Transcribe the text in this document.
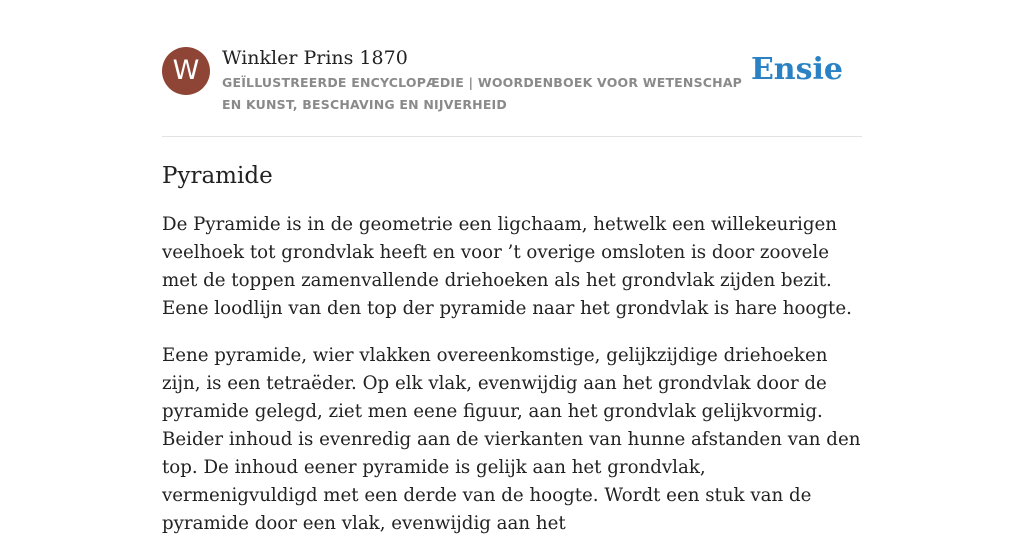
W	Winkler Prins 1870

GEÏLLUSTREERDE ENCYCLOPÆDIE | WOORDENBOEK VOOR WETENSCHAP EN KUNST, BESCHAVING EN NIJVERHEID

Ensie
Pyramide

De Pyramide is in de geometrie een ligchaam, hetwelk een willekeurigen veelhoek tot grondvlak heeft en voor ’t overige omsloten is door zoovele met de toppen zamenvallende driehoeken als het grondvlak zijden bezit. Eene loodlijn van den top der pyramide naar het grondvlak is hare hoogte.

Eene pyramide, wier vlakken overeenkomstige, gelijkzijdige driehoeken zijn, is een tetraëder. Op elk vlak, evenwijdig aan het grondvlak door de pyramide gelegd, ziet men eene figuur, aan het grondvlak gelijkvormig. Beider inhoud is evenredig aan de vierkanten van hunne afstanden van den top. De inhoud eener pyramide is gelijk aan het grondvlak, vermenigvuldigd met een derde van de hoogte. Wordt een stuk van de pyramide door een vlak, evenwijdig aan het
